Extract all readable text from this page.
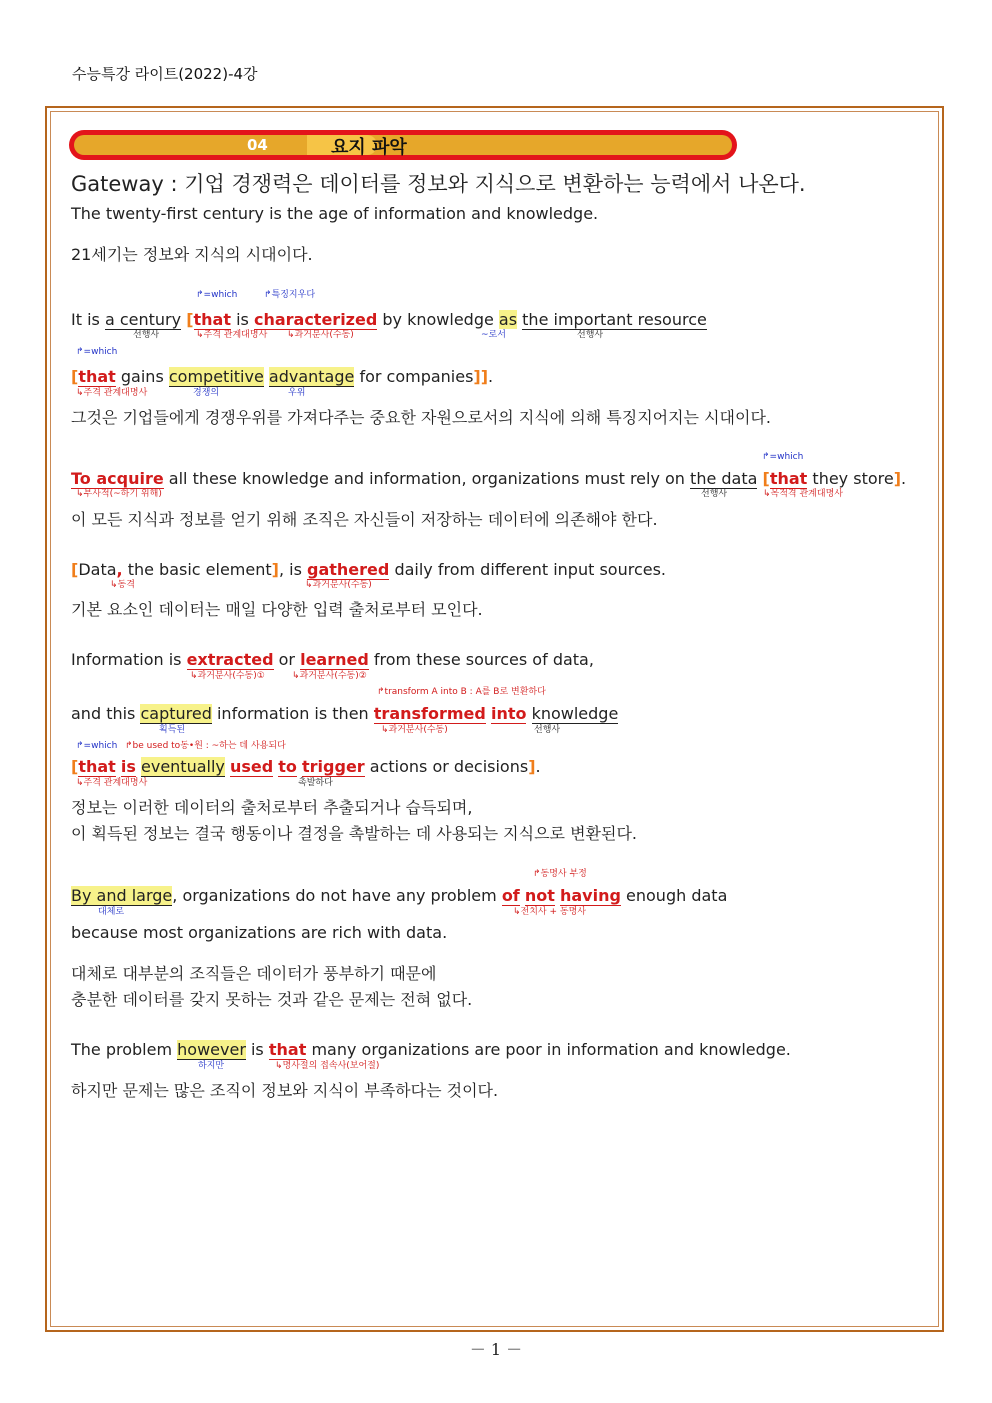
수능특강 라이트(2022)-4강
04	요지 파악
Gateway : 기업 경쟁력은 데이터를 정보와 지식으로 변환하는 능력에서 나온다.
The twenty-first century is the age of information and knowledge.
21세기는 정보와 지식의 시대이다.
↱=which	↱특징지우다
It is a century [that is characterized by knowledge as the important resource
선행사	↳주격 관계대명사 ↳과거분사(수동)	~로서	선행사
↱=which
[that gains competitive advantage for companies]].
↳주격 관계대명사	경쟁의	우위
그것은 기업들에게 경쟁우위를 가져다주는 중요한 자원으로서의 지식에 의해 특징지어지는 시대이다.
↱=which
To acquire all these knowledge and information, organizations must rely on the data [that they store].
↳부사적(~하기 위해)	선행사	↳목적격 관계대명사
이 모든 지식과 정보를 얻기 위해 조직은 자신들이 저장하는 데이터에 의존해야 한다.
[Data, the basic element], is gathered daily from different input sources.
↳동격	↳과거분사(수동)
기본 요소인 데이터는 매일 다양한 입력 출처로부터 모인다.
Information is extracted or learned from these sources of data,
↳과거분사(수동)①	↳과거분사(수동)②
↱transform A into B : A를 B로 변환하다
and this captured information is then transformed into knowledge
획득된	↳과거분사(수동)	선행사
↱=which ↱be used to동•원 : ~하는 데 사용되다
[that is eventually used to trigger actions or decisions].
↳주격 관계대명사	촉발하다
정보는 이러한 데이터의 출처로부터 추출되거나 습득되며,
이 획득된 정보는 결국 행동이나 결정을 촉발하는 데 사용되는 지식으로 변환된다.
↱동명사 부정
By and large, organizations do not have any problem of not having enough data
대체로	↳전치사 + 동명사
because most organizations are rich with data.
대체로 대부분의 조직들은 데이터가 풍부하기 때문에
충분한 데이터를 갖지 못하는 것과 같은 문제는 전혀 없다.
The problem however is that many organizations are poor in information and knowledge.
하지만	↳명사절의 접속사(보어절)
하지만 문제는 많은 조직이 정보와 지식이 부족하다는 것이다.
－ 1 －
